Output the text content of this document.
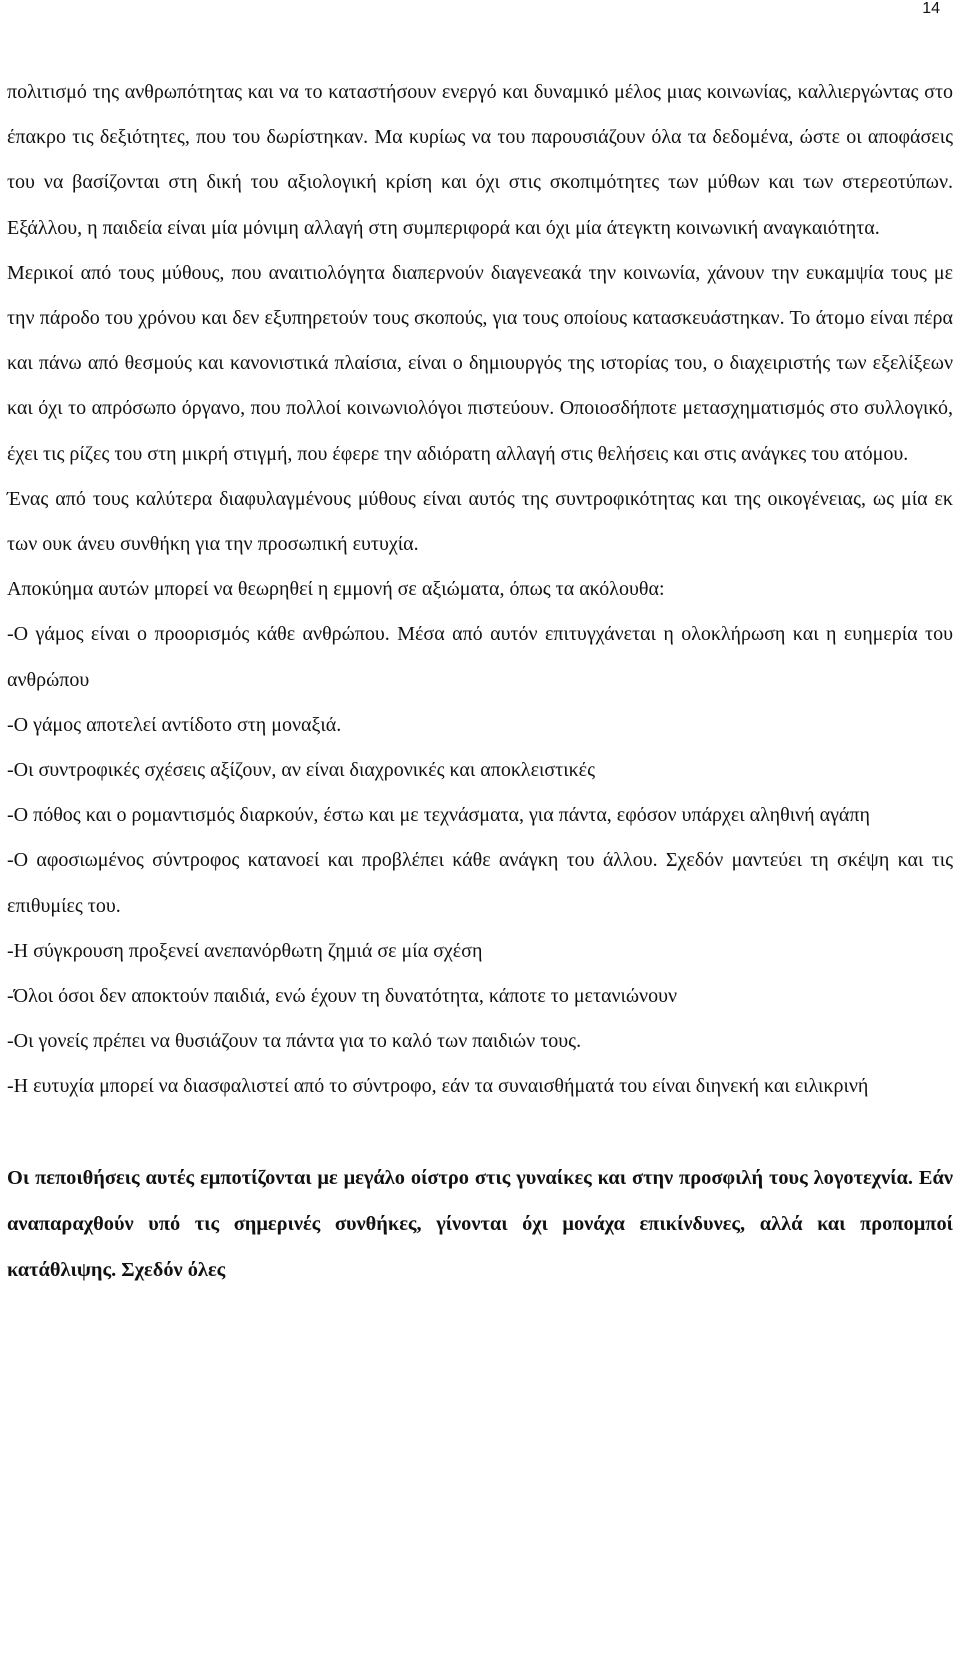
14

πολιτισμό της ανθρωπότητας και να το καταστήσουν ενεργό και δυναμικό μέλος μιας κοινωνίας, καλλιεργώντας στο έπακρο τις δεξιότητες, που του δωρίστηκαν. Μα κυρίως να του παρουσιάζουν όλα τα δεδομένα, ώστε οι αποφάσεις του να βασίζονται στη δική του αξιολογική κρίση και όχι στις σκοπιμότητες των μύθων και των στερεοτύπων. Εξάλλου, η παιδεία είναι μία μόνιμη αλλαγή στη συμπεριφορά και όχι μία άτεγκτη κοινωνική αναγκαιότητα.

Μερικοί από τους μύθους, που αναιτιολόγητα διαπερνούν διαγενεακά την κοινωνία, χάνουν την ευκαμψία τους με την πάροδο του χρόνου και δεν εξυπηρετούν τους σκοπούς, για τους οποίους κατασκευάστηκαν. Το άτομο είναι πέρα και πάνω από θεσμούς και κανονιστικά πλαίσια, είναι ο δημιουργός της ιστορίας του, ο διαχειριστής των εξελίξεων και όχι το απρόσωπο όργανο, που πολλοί κοινωνιολόγοι πιστεύουν. Οποιοσδήποτε μετασχηματισμός στο συλλογικό, έχει τις ρίζες του στη μικρή στιγμή, που έφερε την αδιόρατη αλλαγή στις θελήσεις και στις ανάγκες του ατόμου.

Ένας από τους καλύτερα διαφυλαγμένους μύθους είναι αυτός της συντροφικότητας και της οικογένειας, ως μία εκ των ουκ άνευ συνθήκη για την προσωπική ευτυχία.

Αποκύημα αυτών μπορεί να θεωρηθεί η εμμονή σε αξιώματα, όπως τα ακόλουθα:

-Ο γάμος είναι ο προορισμός κάθε ανθρώπου. Μέσα από αυτόν επιτυγχάνεται η ολοκλήρωση και η ευημερία του ανθρώπου

-Ο γάμος αποτελεί αντίδοτο στη μοναξιά.

-Οι συντροφικές σχέσεις αξίζουν, αν είναι διαχρονικές και αποκλειστικές

-Ο πόθος και ο ρομαντισμός διαρκούν, έστω και με τεχνάσματα, για πάντα, εφόσον υπάρχει αληθινή αγάπη

-Ο αφοσιωμένος σύντροφος κατανοεί και προβλέπει κάθε ανάγκη του άλλου. Σχεδόν μαντεύει τη σκέψη και τις επιθυμίες του.

-Η σύγκρουση προξενεί ανεπανόρθωτη ζημιά σε μία σχέση

-Όλοι όσοι δεν αποκτούν παιδιά, ενώ έχουν τη δυνατότητα, κάποτε το μετανιώνουν

-Οι γονείς πρέπει να θυσιάζουν τα πάντα για το καλό των παιδιών τους.

-Η ευτυχία μπορεί να διασφαλιστεί από το σύντροφο, εάν τα συναισθήματά του είναι διηνεκή και ειλικρινή

Οι πεποιθήσεις αυτές εμποτίζονται με μεγάλο οίστρο στις γυναίκες και στην προσφιλή τους λογοτεχνία. Εάν αναπαραχθούν υπό τις σημερινές συνθήκες, γίνονται όχι μονάχα επικίνδυνες, αλλά και προπομποί κατάθλιψης. Σχεδόν όλες
